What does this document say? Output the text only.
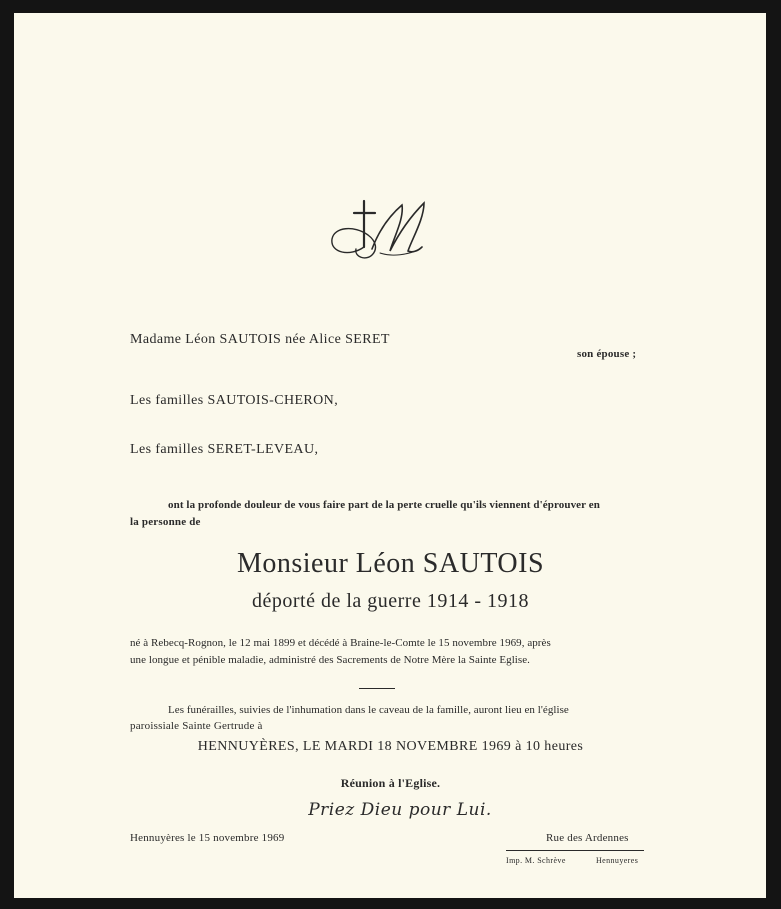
Madame Léon SAUTOIS née Alice SERET
son épouse ;
Les familles SAUTOIS-CHERON,
Les familles SERET-LEVEAU,
ont la profonde douleur de vous faire part de la perte cruelle qu'ils viennent d'éprouver en
la personne de
Monsieur Léon SAUTOIS
déporté de la guerre 1914 - 1918
né à Rebecq-Rognon, le 12 mai 1899 et décédé à Braine-le-Comte le 15 novembre 1969, après
une longue et pénible maladie, administré des Sacrements de Notre Mère la Sainte Eglise.
Les funérailles, suivies de l'inhumation dans le caveau de la famille, auront lieu en l'église
paroissiale Sainte Gertrude à
HENNUYÈRES, LE MARDI 18 NOVEMBRE 1969 à 10 heures
Réunion à l'Eglise.
Priez Dieu pour Lui.
Hennuyères le 15 novembre 1969	Rue des Ardennes
Imp. M. Schrève	Hennuyeres
